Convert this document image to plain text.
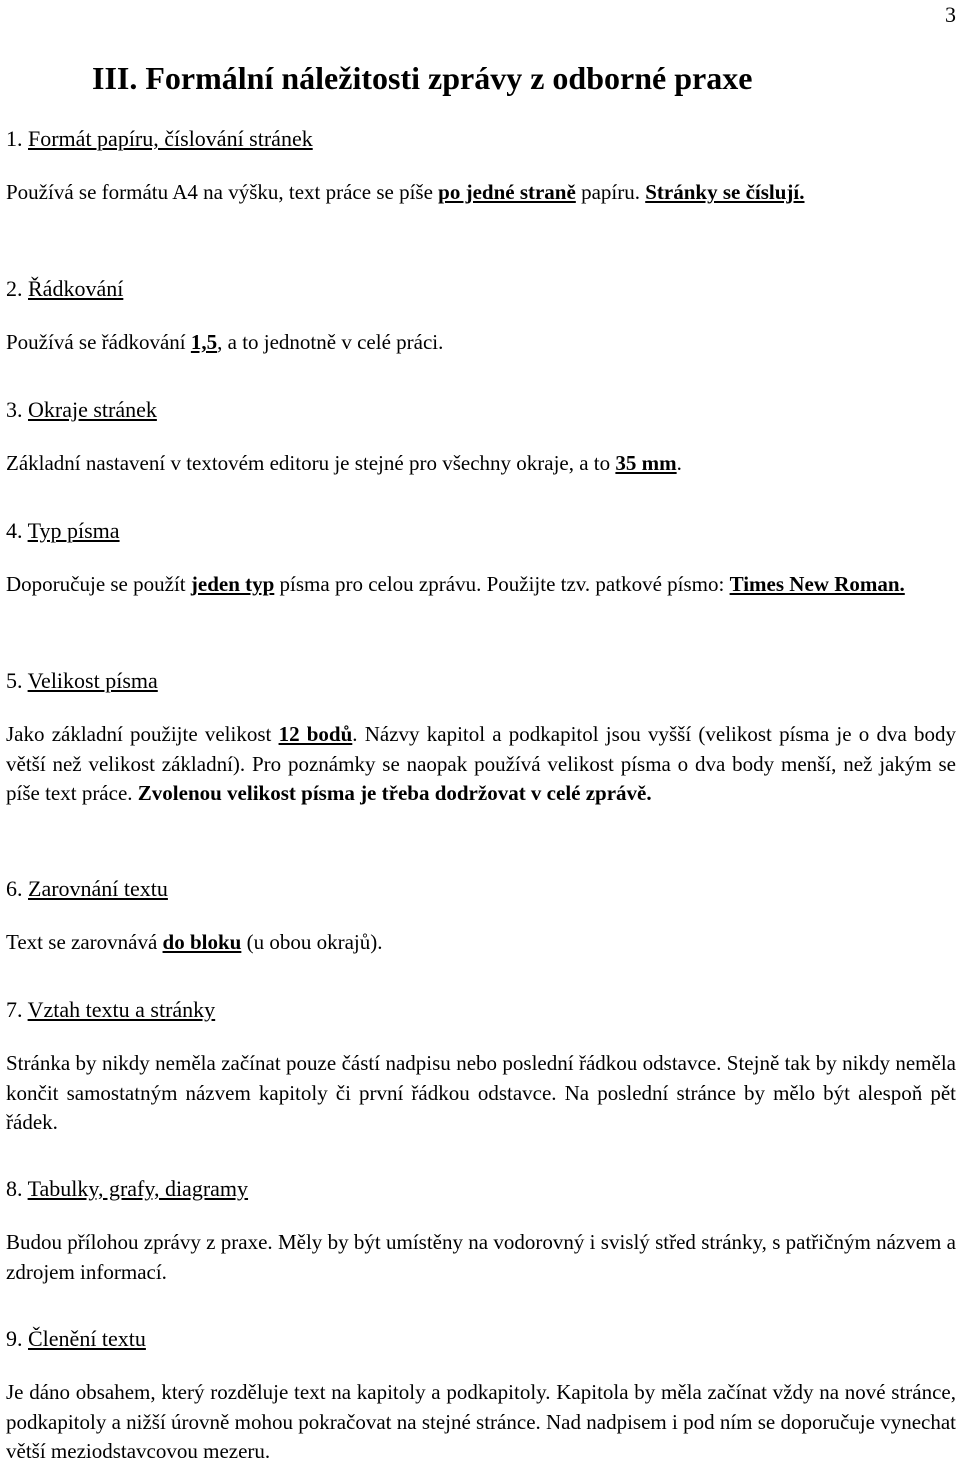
3
III. Formální náležitosti zprávy z odborné praxe

1. Formát papíru, číslování stránek

Používá se formátu A4 na výšku, text práce se píše po jedné straně papíru. Stránky se číslují.

2. Řádkování

Používá se řádkování 1,5, a to jednotně v celé práci.

3. Okraje stránek

Základní nastavení v textovém editoru je stejné pro všechny okraje, a to 35 mm.

4. Typ písma

Doporučuje se použít jeden typ písma pro celou zprávu. Použijte tzv. patkové písmo: Times New Roman.

5. Velikost písma

Jako základní použijte velikost 12 bodů. Názvy kapitol a podkapitol jsou vyšší (velikost písma je o dva body větší než velikost základní). Pro poznámky se naopak používá velikost písma o dva body menší, než jakým se píše text práce. Zvolenou velikost písma je třeba dodržovat v celé zprávě.

6. Zarovnání textu

Text se zarovnává do bloku (u obou okrajů).

7. Vztah textu a stránky

Stránka by nikdy neměla začínat pouze částí nadpisu nebo poslední řádkou odstavce. Stejně tak by nikdy neměla končit samostatným názvem kapitoly či první řádkou odstavce. Na poslední stránce by mělo být alespoň pět řádek.

8. Tabulky, grafy, diagramy

Budou přílohou zprávy z praxe. Měly by být umístěny na vodorovný i svislý střed stránky, s patřičným názvem a zdrojem informací.

9. Členění textu

Je dáno obsahem, který rozděluje text na kapitoly a podkapitoly. Kapitola by měla začínat vždy na nové stránce, podkapitoly a nižší úrovně mohou pokračovat na stejné stránce. Nad nadpisem i pod ním se doporučuje vynechat větší meziodstavcovou mezeru.
